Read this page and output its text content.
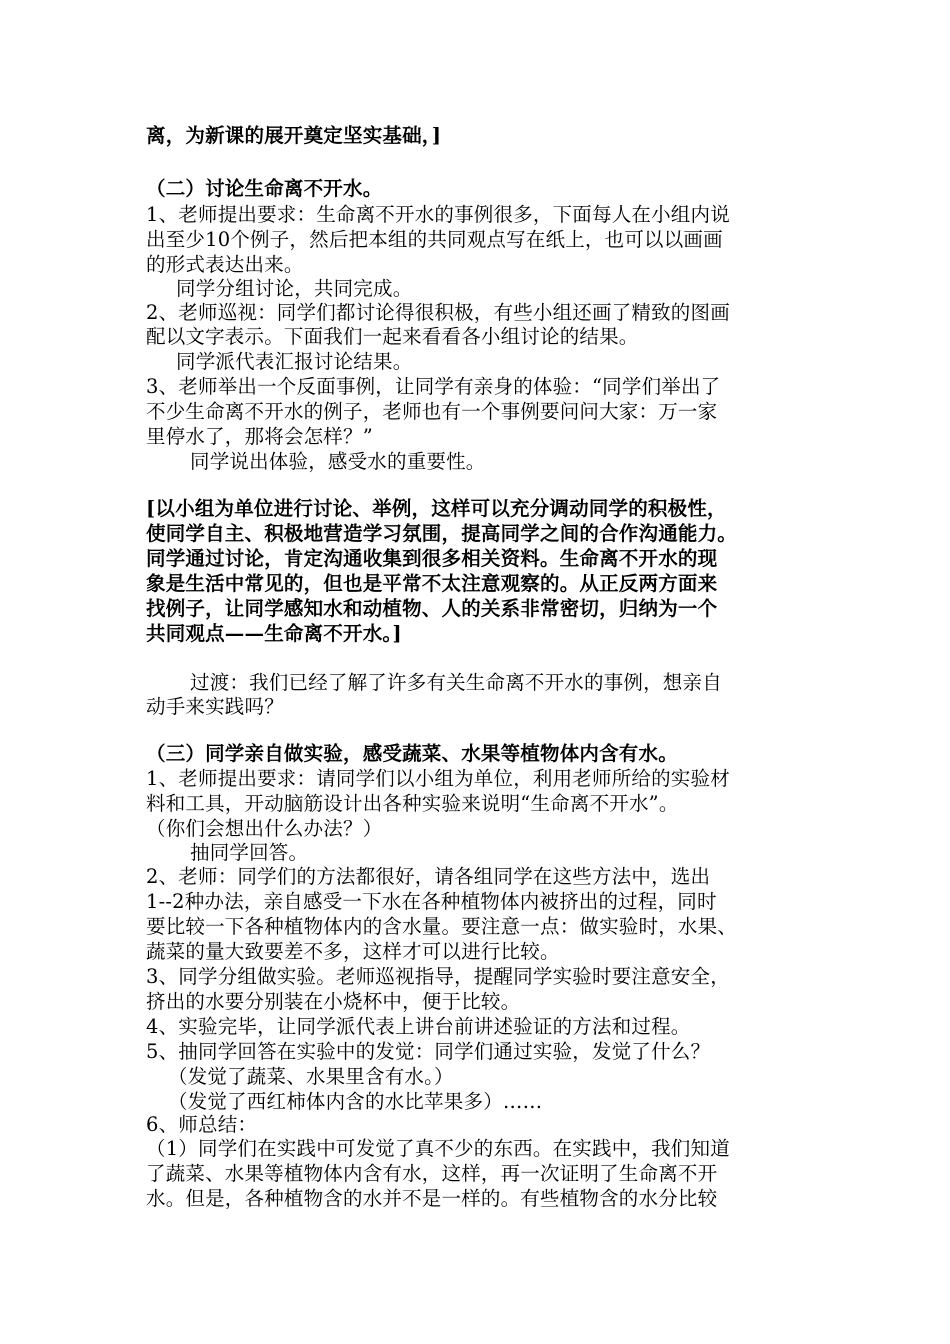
离，为新课的展开奠定坚实基础，]
（二）讨论生命离不开水。
1、老师提出要求：生命离不开水的事例很多，下面每人在小组内说
出至少10个例子，然后把本组的共同观点写在纸上，也可以以画画
的形式表达出来。
同学分组讨论，共同完成。
2、老师巡视：同学们都讨论得很积极，有些小组还画了精致的图画
配以文字表示。下面我们一起来看看各小组讨论的结果。
同学派代表汇报讨论结果。
3、老师举出一个反面事例，让同学有亲身的体验：“同学们举出了
不少生命离不开水的例子，老师也有一个事例要问问大家：万一家
里停水了，那将会怎样？”
同学说出体验，感受水的重要性。
[以小组为单位进行讨论、举例，这样可以充分调动同学的积极性，
使同学自主、积极地营造学习氛围，提高同学之间的合作沟通能力。
同学通过讨论，肯定沟通收集到很多相关资料。生命离不开水的现
象是生活中常见的，但也是平常不太注意观察的。从正反两方面来
找例子，让同学感知水和动植物、人的关系非常密切，归纳为一个
共同观点——生命离不开水。]
过渡：我们已经了解了许多有关生命离不开水的事例，想亲自
动手来实践吗？
（三）同学亲自做实验，感受蔬菜、水果等植物体内含有水。
1、老师提出要求：请同学们以小组为单位，利用老师所给的实验材
料和工具，开动脑筋设计出各种实验来说明“生命离不开水”。
（你们会想出什么办法？）
抽同学回答。
2、老师：同学们的方法都很好，请各组同学在这些方法中，选出
1--2种办法，亲自感受一下水在各种植物体内被挤出的过程，同时
要比较一下各种植物体内的含水量。要注意一点：做实验时，水果、
蔬菜的量大致要差不多，这样才可以进行比较。
3、同学分组做实验。老师巡视指导，提醒同学实验时要注意安全，
挤出的水要分别装在小烧杯中，便于比较。
4、实验完毕，让同学派代表上讲台前讲述验证的方法和过程。
5、抽同学回答在实验中的发觉：同学们通过实验，发觉了什么？
（发觉了蔬菜、水果里含有水。）
（发觉了西红柿体内含的水比苹果多）……
6、师总结：
（1）同学们在实践中可发觉了真不少的东西。在实践中，我们知道
了蔬菜、水果等植物体内含有水，这样，再一次证明了生命离不开
水。但是，各种植物含的水并不是一样的。有些植物含的水分比较
